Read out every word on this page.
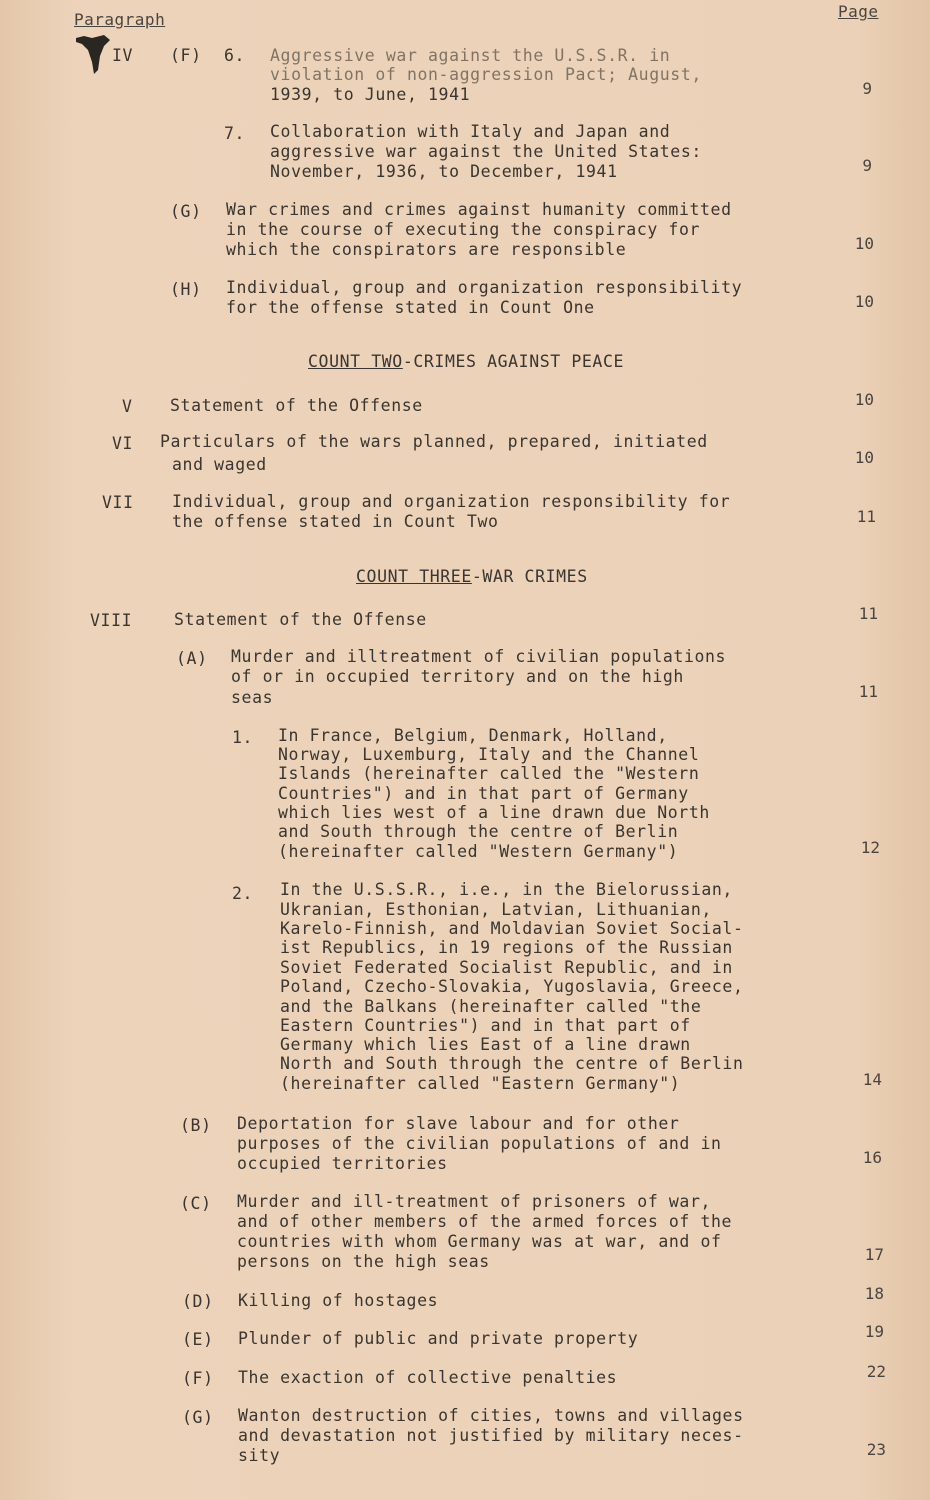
Paragraph	Page
IV (F) 6. Aggressive war against the U.S.S.R. in
violation of non-aggression Pact; August,
1939, to June, 1941	9
7. Collaboration with Italy and Japan and
aggressive war against the United States:
November, 1936, to December, 1941	9
(G) War crimes and crimes against humanity committed
in the course of executing the conspiracy for
which the conspirators are responsible	10
(H) Individual, group and organization responsibility
for the offense stated in Count One	10
COUNT TWO-CRIMES AGAINST PEACE
V Statement of the Offense	10
VI Particulars of the wars planned, prepared, initiated
and waged	10
VII Individual, group and organization responsibility for
the offense stated in Count Two	11
COUNT THREE-WAR CRIMES
VIII	Statement of the Offense	11
(A) Murder and illtreatment of civilian populations
of or in occupied territory and on the high
seas	11
1. In France, Belgium, Denmark, Holland,
Norway, Luxemburg, Italy and the Channel
Islands (hereinafter called the "Western
Countries") and in that part of Germany
which lies west of a line drawn due North
and South through the centre of Berlin
(hereinafter called "Western Germany")	12
2. In the U.S.S.R., i.e., in the Bielorussian,
Ukranian, Esthonian, Latvian, Lithuanian,
Karelo-Finnish, and Moldavian Soviet Social-
ist Republics, in 19 regions of the Russian
Soviet Federated Socialist Republic, and in
Poland, Czecho-Slovakia, Yugoslavia, Greece,
and the Balkans (hereinafter called "the
Eastern Countries") and in that part of
Germany which lies East of a line drawn
North and South through the centre of Berlin
(hereinafter called "Eastern Germany")	14
(B) Deportation for slave labour and for other
purposes of the civilian populations of and in
occupied territories	16
(C) Murder and ill-treatment of prisoners of war,
and of other members of the armed forces of the
countries with whom Germany was at war, and of
persons on the high seas	17
(D) Killing of hostages	18
(E) Plunder of public and private property	19
(F) The exaction of collective penalties	22
(G) Wanton destruction of cities, towns and villages
and devastation not justified by military neces-
sity	23
